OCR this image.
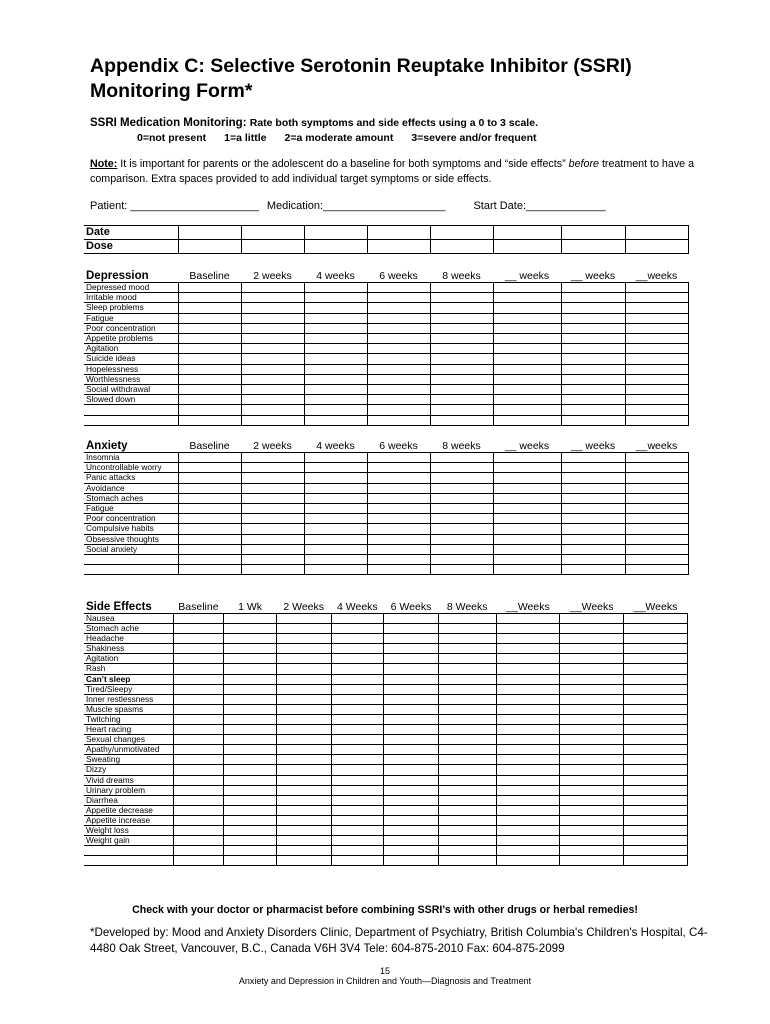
Appendix C: Selective Serotonin Reuptake Inhibitor (SSRI) Monitoring Form*
SSRI Medication Monitoring: Rate both symptoms and side effects using a 0 to 3 scale.
0=not present 1=a little 2=a moderate amount 3=severe and/or frequent
Note: It is important for parents or the adolescent do a baseline for both symptoms and “side effects” before treatment to have a comparison. Extra spaces provided to add individual target symptoms or side effects.
Patient: _____________________ Medication:____________________	Start Date:_____________
Date								
Dose								
Depression	Baseline	2 weeks	4 weeks	6 weeks	8 weeks	__ weeks	__ weeks	__weeks
Depressed mood								
Irritable mood								
Sleep problems								
Fatigue								
Poor concentration								
Appetite problems								
Agitation								
Suicide ideas								
Hopelessness								
Worthlessness								
Social withdrawal								
Slowed down								

Anxiety	Baseline	2 weeks	4 weeks	6 weeks	8 weeks	__ weeks	__ weeks	__weeks
Insomnia								
Uncontrollable worry								
Panic attacks								
Avoidance								
Stomach aches								
Fatigue								
Poor concentration								
Compulsive habits								
Obsessive thoughts								
Social anxiety								

Side Effects	Baseline	1 Wk	2 Weeks	4 Weeks	6 Weeks	8 Weeks	__Weeks	__Weeks	__Weeks
Nausea									
Stomach ache									
Headache									
Shakiness									
Agitation									
Rash									
Can’t sleep									
Tired/Sleepy									
Inner restlessness									
Muscle spasms									
Twitching									
Heart racing									
Sexual changes									
Apathy/unmotivated									
Sweating									
Dizzy									
Vivid dreams									
Urinary problem									
Diarrhea									
Appetite decrease									
Appetite increase									
Weight loss									
Weight gain									

Check with your doctor or pharmacist before combining SSRI’s with other drugs or herbal remedies!
*Developed by: Mood and Anxiety Disorders Clinic, Department of Psychiatry, British Columbia's Children's Hospital, C4-4480 Oak Street, Vancouver, B.C., Canada V6H 3V4 Tele: 604-875-2010 Fax: 604-875-2099
15
Anxiety and Depression in Children and Youth—Diagnosis and Treatment
